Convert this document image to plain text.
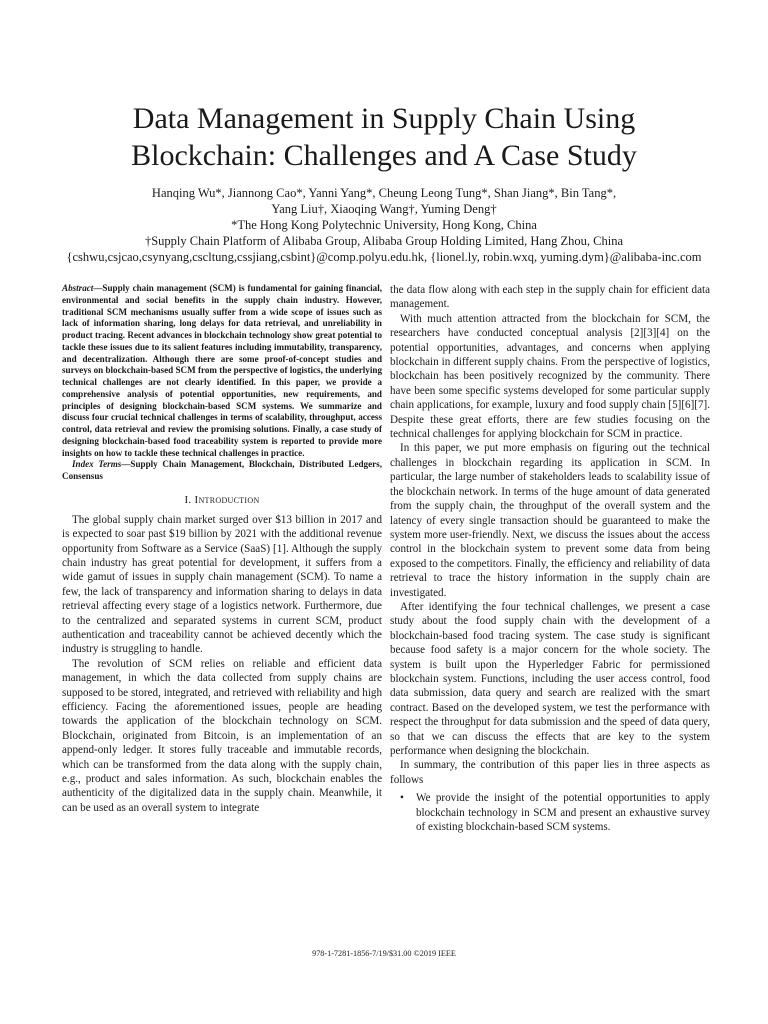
Data Management in Supply Chain Using
Blockchain: Challenges and A Case Study
Hanqing Wu*, Jiannong Cao*, Yanni Yang*, Cheung Leong Tung*, Shan Jiang*, Bin Tang*,
Yang Liu†, Xiaoqing Wang†, Yuming Deng†
*The Hong Kong Polytechnic University, Hong Kong, China
†Supply Chain Platform of Alibaba Group, Alibaba Group Holding Limited, Hang Zhou, China
{cshwu,csjcao,csynyang,cscltung,cssjiang,csbint}@comp.polyu.edu.hk, {lionel.ly, robin.wxq, yuming.dym}@alibaba-inc.com
Abstract—Supply chain management (SCM) is fundamental for gaining financial, environmental and social benefits in the supply chain industry. However, traditional SCM mechanisms usually suffer from a wide scope of issues such as lack of information sharing, long delays for data retrieval, and unreliability in product tracing. Recent advances in blockchain technology show great potential to tackle these issues due to its salient features including immutability, transparency, and decentralization. Although there are some proof-of-concept studies and surveys on blockchain-based SCM from the perspective of logistics, the underlying technical challenges are not clearly identified. In this paper, we provide a comprehensive analysis of potential opportunities, new requirements, and principles of designing blockchain-based SCM systems. We summarize and discuss four crucial technical challenges in terms of scalability, throughput, access control, data retrieval and review the promising solutions. Finally, a case study of designing blockchain-based food traceability system is reported to provide more insights on how to tackle these technical challenges in practice.
Index Terms—Supply Chain Management, Blockchain, Distributed Ledgers, Consensus
I. Introduction

The global supply chain market surged over $13 billion in 2017 and is expected to soar past $19 billion by 2021 with the additional revenue opportunity from Software as a Service (SaaS) [1]. Although the supply chain industry has great potential for development, it suffers from a wide gamut of issues in supply chain management (SCM). To name a few, the lack of transparency and information sharing to delays in data retrieval affecting every stage of a logistics network. Furthermore, due to the centralized and separated systems in current SCM, product authentication and traceability cannot be achieved decently which the industry is struggling to handle.

The revolution of SCM relies on reliable and efficient data management, in which the data collected from supply chains are supposed to be stored, integrated, and retrieved with reliability and high efficiency. Facing the aforementioned issues, people are heading towards the application of the blockchain technology on SCM. Blockchain, originated from Bitcoin, is an implementation of an append-only ledger. It stores fully traceable and immutable records, which can be transformed from the data along with the supply chain, e.g., product and sales information. As such, blockchain enables the authenticity of the digitalized data in the supply chain. Meanwhile, it can be used as an overall system to integrate

the data flow along with each step in the supply chain for efficient data management.

With much attention attracted from the blockchain for SCM, the researchers have conducted conceptual analysis [2][3][4] on the potential opportunities, advantages, and concerns when applying blockchain in different supply chains. From the perspective of logistics, blockchain has been positively recognized by the community. There have been some specific systems developed for some particular supply chain applications, for example, luxury and food supply chain [5][6][7]. Despite these great efforts, there are few studies focusing on the technical challenges for applying blockchain for SCM in practice.

In this paper, we put more emphasis on figuring out the technical challenges in blockchain regarding its application in SCM. In particular, the large number of stakeholders leads to scalability issue of the blockchain network. In terms of the huge amount of data generated from the supply chain, the throughput of the overall system and the latency of every single transaction should be guaranteed to make the system more user-friendly. Next, we discuss the issues about the access control in the blockchain system to prevent some data from being exposed to the competitors. Finally, the efficiency and reliability of data retrieval to trace the history information in the supply chain are investigated.

After identifying the four technical challenges, we present a case study about the food supply chain with the development of a blockchain-based food tracing system. The case study is significant because food safety is a major concern for the whole society. The system is built upon the Hyperledger Fabric for permissioned blockchain system. Functions, including the user access control, food data submission, data query and search are realized with the smart contract. Based on the developed system, we test the performance with respect the throughput for data submission and the speed of data query, so that we can discuss the effects that are key to the system performance when designing the blockchain.

In summary, the contribution of this paper lies in three aspects as follows

• We provide the insight of the potential opportunities to apply blockchain technology in SCM and present an exhaustive survey of existing blockchain-based SCM systems.
978-1-7281-1856-7/19/$31.00 ©2019 IEEE
